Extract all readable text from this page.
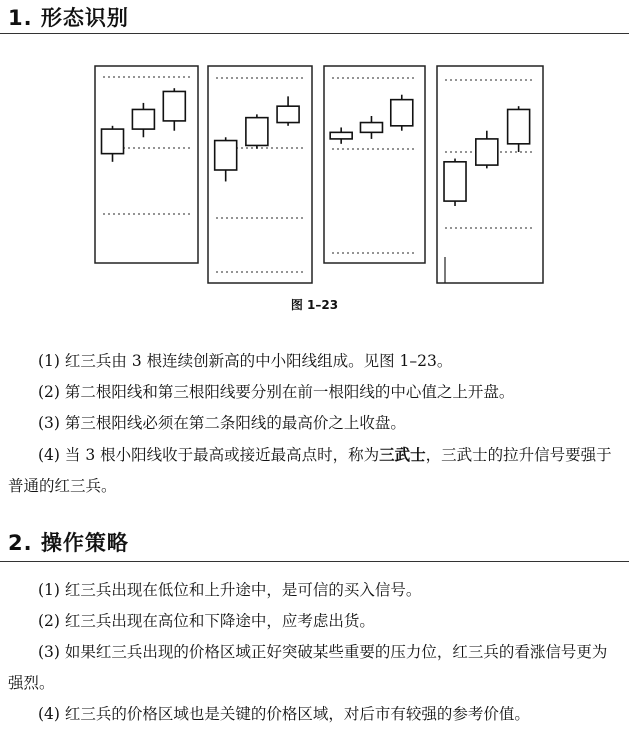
1. 形态识别
图 1–23
(1) 红三兵由 3 根连续创新高的中小阳线组成。见图 1–23。
(2) 第二根阳线和第三根阳线要分别在前一根阳线的中心值之上开盘。
(3) 第三根阳线必须在第二条阳线的最高价之上收盘。
(4) 当 3 根小阳线收于最高或接近最高点时，称为三武士，三武士的拉升信号要强于普通的红三兵。
2. 操作策略
(1) 红三兵出现在低位和上升途中，是可信的买入信号。
(2) 红三兵出现在高位和下降途中，应考虑出货。
(3) 如果红三兵出现的价格区域正好突破某些重要的压力位，红三兵的看涨信号更为强烈。
(4) 红三兵的价格区域也是关键的价格区域，对后市有较强的参考价值。
